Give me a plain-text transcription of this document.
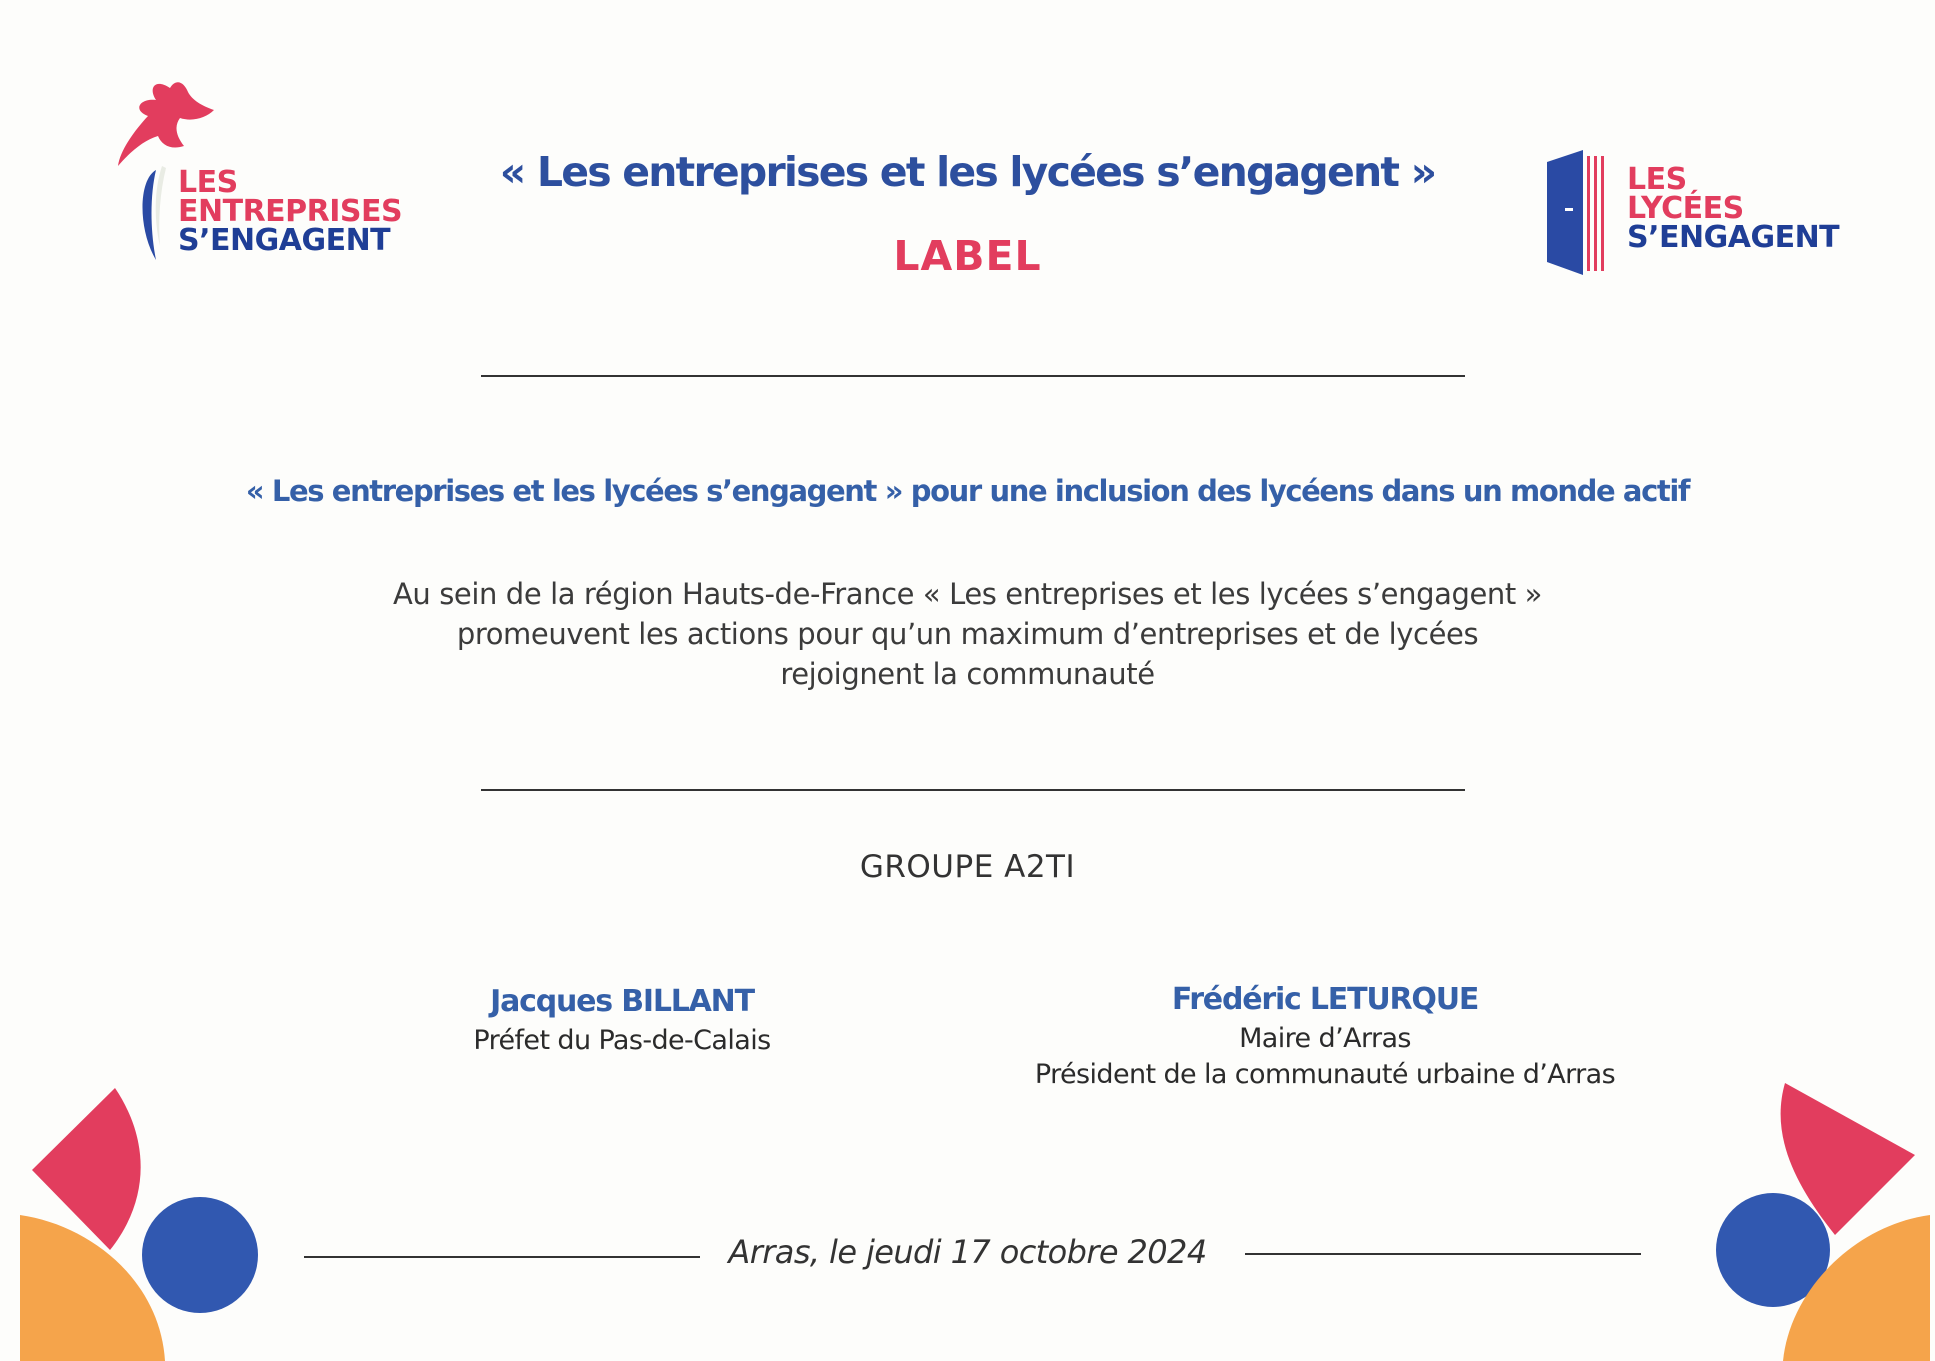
LES
ENTREPRISES
S’ENGAGENT
LES
LYCÉES
S’ENGAGENT
« Les entreprises et les lycées s’engagent »
LABEL
« Les entreprises et les lycées s’engagent » pour une inclusion des lycéens dans un monde actif
Au sein de la région Hauts-de-France « Les entreprises et les lycées s’engagent »
promeuvent les actions pour qu’un maximum d’entreprises et de lycées
rejoignent la communauté
GROUPE A2TI
Jacques BILLANT
Préfet du Pas-de-Calais
Frédéric LETURQUE
Maire d’Arras
Président de la communauté urbaine d’Arras
Arras, le jeudi 17 octobre 2024
